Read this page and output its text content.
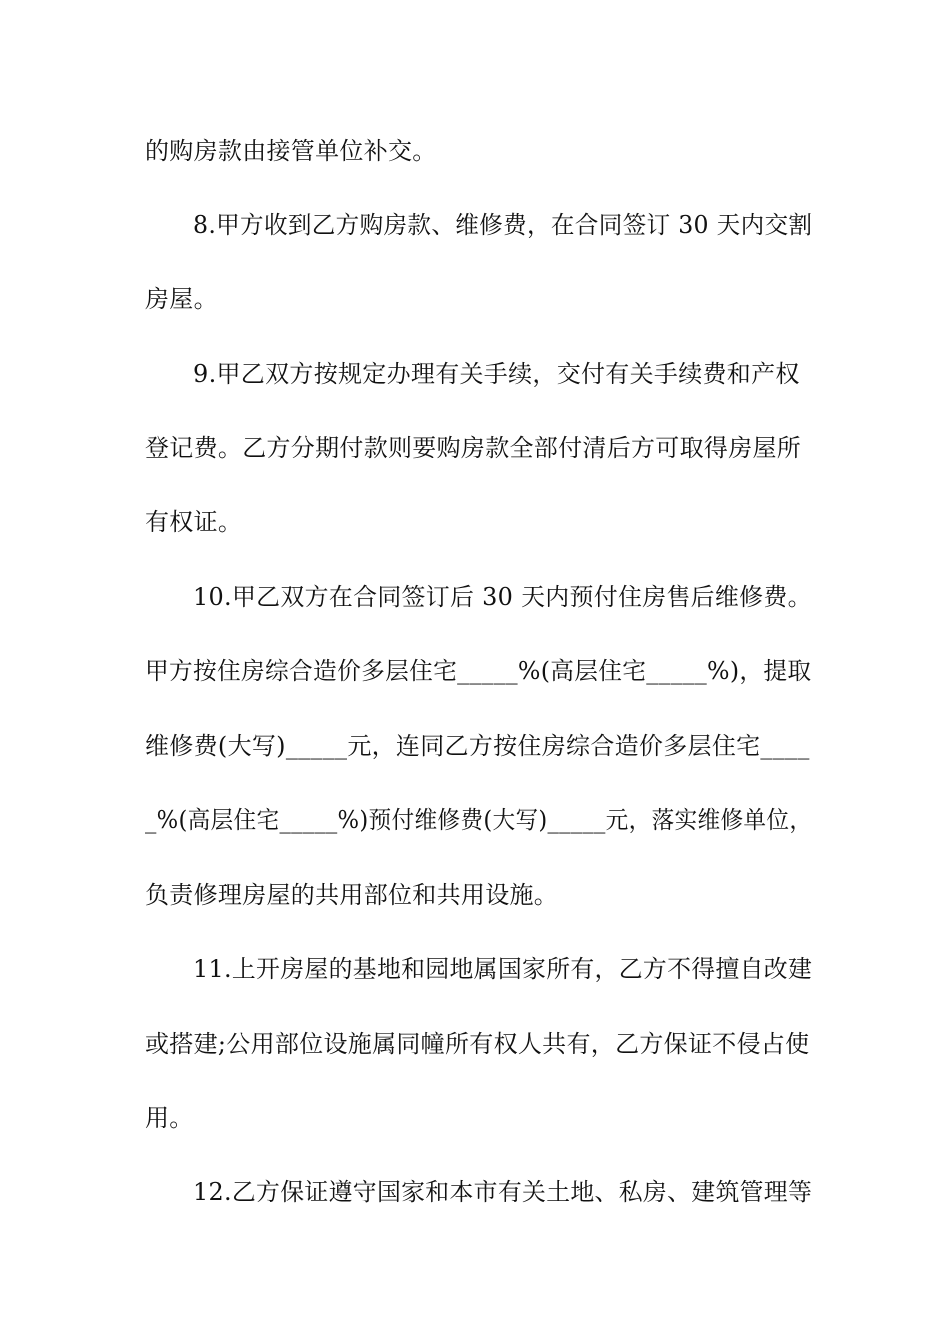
的购房款由接管单位补交。
8.甲方收到乙方购房款、维修费，在合同签订 30 天内交割
房屋。
9.甲乙双方按规定办理有关手续，交付有关手续费和产权
登记费。乙方分期付款则要购房款全部付清后方可取得房屋所
有权证。
10.甲乙双方在合同签订后 30 天内预付住房售后维修费。
甲方按住房综合造价多层住宅_____%(高层住宅_____%)，提取
维修费(大写)_____元，连同乙方按住房综合造价多层住宅____
_%(高层住宅_____%)预付维修费(大写)_____元，落实维修单位，
负责修理房屋的共用部位和共用设施。
11.上开房屋的基地和园地属国家所有，乙方不得擅自改建
或搭建;公用部位设施属同幢所有权人共有，乙方保证不侵占使
用。
12.乙方保证遵守国家和本市有关土地、私房、建筑管理等
